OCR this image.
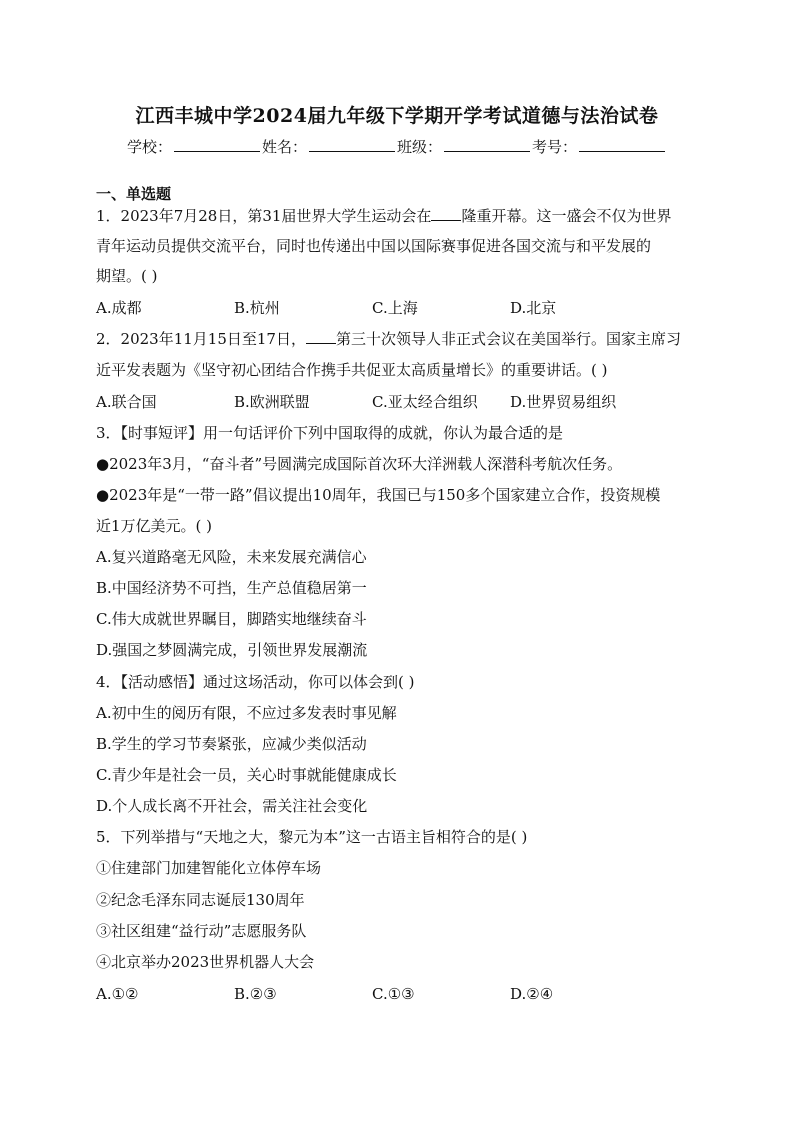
江西丰城中学2024届九年级下学期开学考试道德与法治试卷
学校：	姓名：	班级：	考号：
一、单选题
1．2023年7月28日，第31届世界大学生运动会在 隆重开幕。这一盛会不仅为世界
青年运动员提供交流平台，同时也传递出中国以国际赛事促进各国交流与和平发展的
期望。( )
A.成都	B.杭州	C.上海	D.北京
2．2023年11月15日至17日， 第三十次领导人非正式会议在美国举行。国家主席习
近平发表题为《坚守初心团结合作携手共促亚太高质量增长》的重要讲话。( )
A.联合国	B.欧洲联盟	C.亚太经合组织 D.世界贸易组织
3．【时事短评】用一句话评价下列中国取得的成就，你认为最合适的是
●2023年3月，“奋斗者”号圆满完成国际首次环大洋洲载人深潜科考航次任务。
●2023年是“一带一路”倡议提出10周年，我国已与150多个国家建立合作，投资规模
近1万亿美元。( )
A.复兴道路毫无风险，未来发展充满信心
B.中国经济势不可挡，生产总值稳居第一
C.伟大成就世界瞩目，脚踏实地继续奋斗
D.强国之梦圆满完成，引领世界发展潮流
4．【活动感悟】通过这场活动，你可以体会到( )
A.初中生的阅历有限，不应过多发表时事见解
B.学生的学习节奏紧张，应减少类似活动
C.青少年是社会一员，关心时事就能健康成长
D.个人成长离不开社会，需关注社会变化
5．下列举措与“天地之大，黎元为本”这一古语主旨相符合的是( )
①住建部门加建智能化立体停车场
②纪念毛泽东同志诞辰130周年
③社区组建“益行动”志愿服务队
④北京举办2023世界机器人大会
A.①②	B.②③	C.①③	D.②④
